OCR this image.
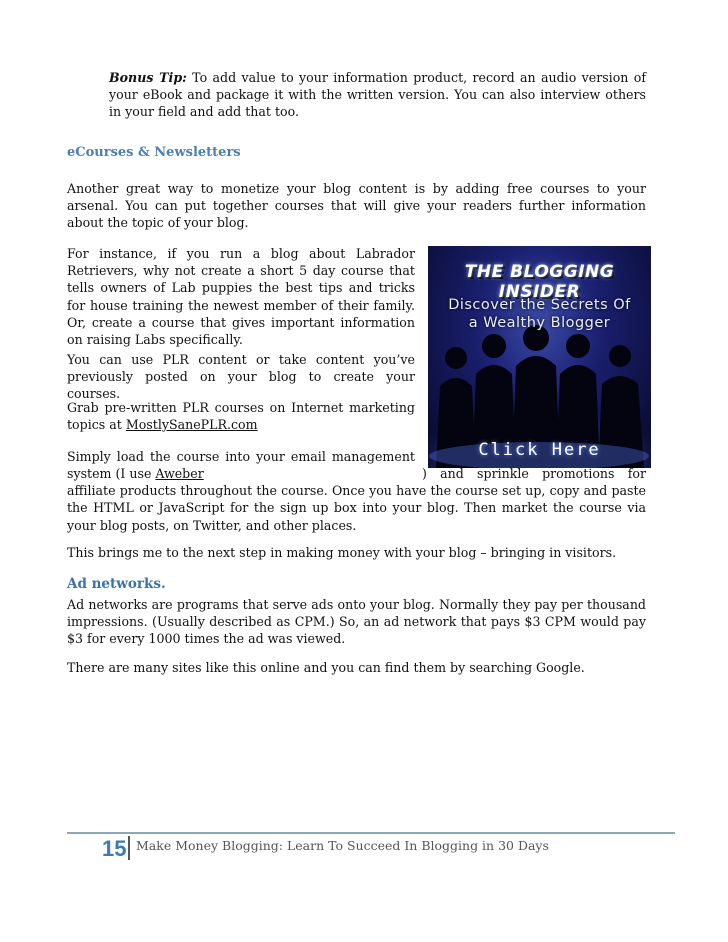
Bonus Tip: To add value to your information product, record an audio version of your eBook and package it with the written version. You can also interview others in your field and add that too.

eCourses & Newsletters

Another great way to monetize your blog content is by adding free courses to your arsenal. You can put together courses that will give your readers further information about the topic of your blog.

For instance, if you run a blog about Labrador Retrievers, why not create a short 5 day course that tells owners of Lab puppies the best tips and tricks for house training the newest member of their family. Or, create a course that gives important information on raising Labs specifically.

You can use PLR content or take content you’ve previously posted on your blog to create your courses.

Grab pre-written PLR courses on Internet marketing topics at MostlySanePLR.com

THE BLOGGING INSIDER
Discover the Secrets Of
a Wealthy Blogger
Click Here

Simply load the course into your email management system (I use Aweber	) and sprinkle promotions for affiliate products throughout the course. Once you have the course set up, copy and paste the HTML or JavaScript for the sign up box into your blog. Then market the course via your blog posts, on Twitter, and other places.

This brings me to the next step in making money with your blog – bringing in visitors.

Ad networks.

Ad networks are programs that serve ads onto your blog. Normally they pay per thousand impressions. (Usually described as CPM.) So, an ad network that pays $3 CPM would pay $3 for every 1000 times the ad was viewed.

There are many sites like this online and you can find them by searching Google.

15 Make Money Blogging: Learn To Succeed In Blogging in 30 Days
